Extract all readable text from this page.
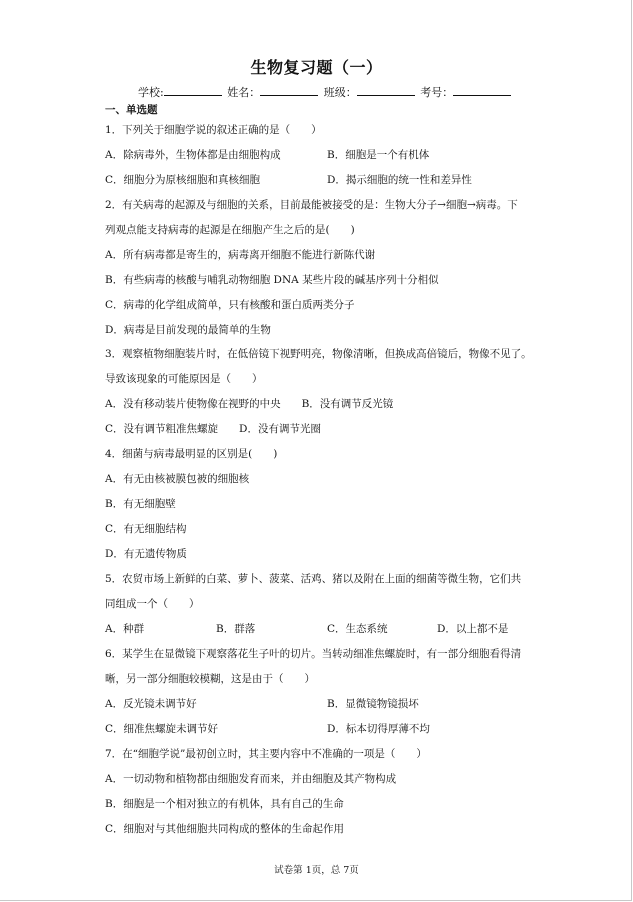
生物复习题（一）
学校:	姓名：	班级：	考号：
一、单选题
1．下列关于细胞学说的叙述正确的是（　　）
A．除病毒外，生物体都是由细胞构成	B．细胞是一个有机体
C．细胞分为原核细胞和真核细胞	D．揭示细胞的统一性和差异性
2．有关病毒的起源及与细胞的关系，目前最能被接受的是：生物大分子→细胞→病毒。下
列观点能支持病毒的起源是在细胞产生之后的是(　　)
A．所有病毒都是寄生的，病毒离开细胞不能进行新陈代谢
B．有些病毒的核酸与哺乳动物细胞 DNA 某些片段的碱基序列十分相似
C．病毒的化学组成简单，只有核酸和蛋白质两类分子
D．病毒是目前发现的最简单的生物
3．观察植物细胞装片时，在低倍镜下视野明亮，物像清晰，但换成高倍镜后，物像不见了。
导致该现象的可能原因是（　　）
A．没有移动装片使物像在视野的中央　　B．没有调节反光镜
C．没有调节粗准焦螺旋　　D．没有调节光圈
4．细菌与病毒最明显的区别是(　　)
A．有无由核被膜包被的细胞核
B．有无细胞壁
C．有无细胞结构
D．有无遗传物质
5．农贸市场上新鲜的白菜、萝卜、菠菜、活鸡、猪以及附在上面的细菌等微生物，它们共
同组成一个（　　）
A．种群	B．群落	C．生态系统	D．以上都不是
6．某学生在显微镜下观察落花生子叶的切片。当转动细准焦螺旋时，有一部分细胞看得清
晰，另一部分细胞较模糊，这是由于（　　）
A．反光镜未调节好	B．显微镜物镜损坏
C．细准焦螺旋未调节好	D．标本切得厚薄不均
7．在“细胞学说”最初创立时，其主要内容中不准确的一项是（　　）
A．一切动物和植物都由细胞发育而来，并由细胞及其产物构成
B．细胞是一个相对独立的有机体，具有自己的生命
C．细胞对与其他细胞共同构成的整体的生命起作用
试卷第 1页，总 7页
